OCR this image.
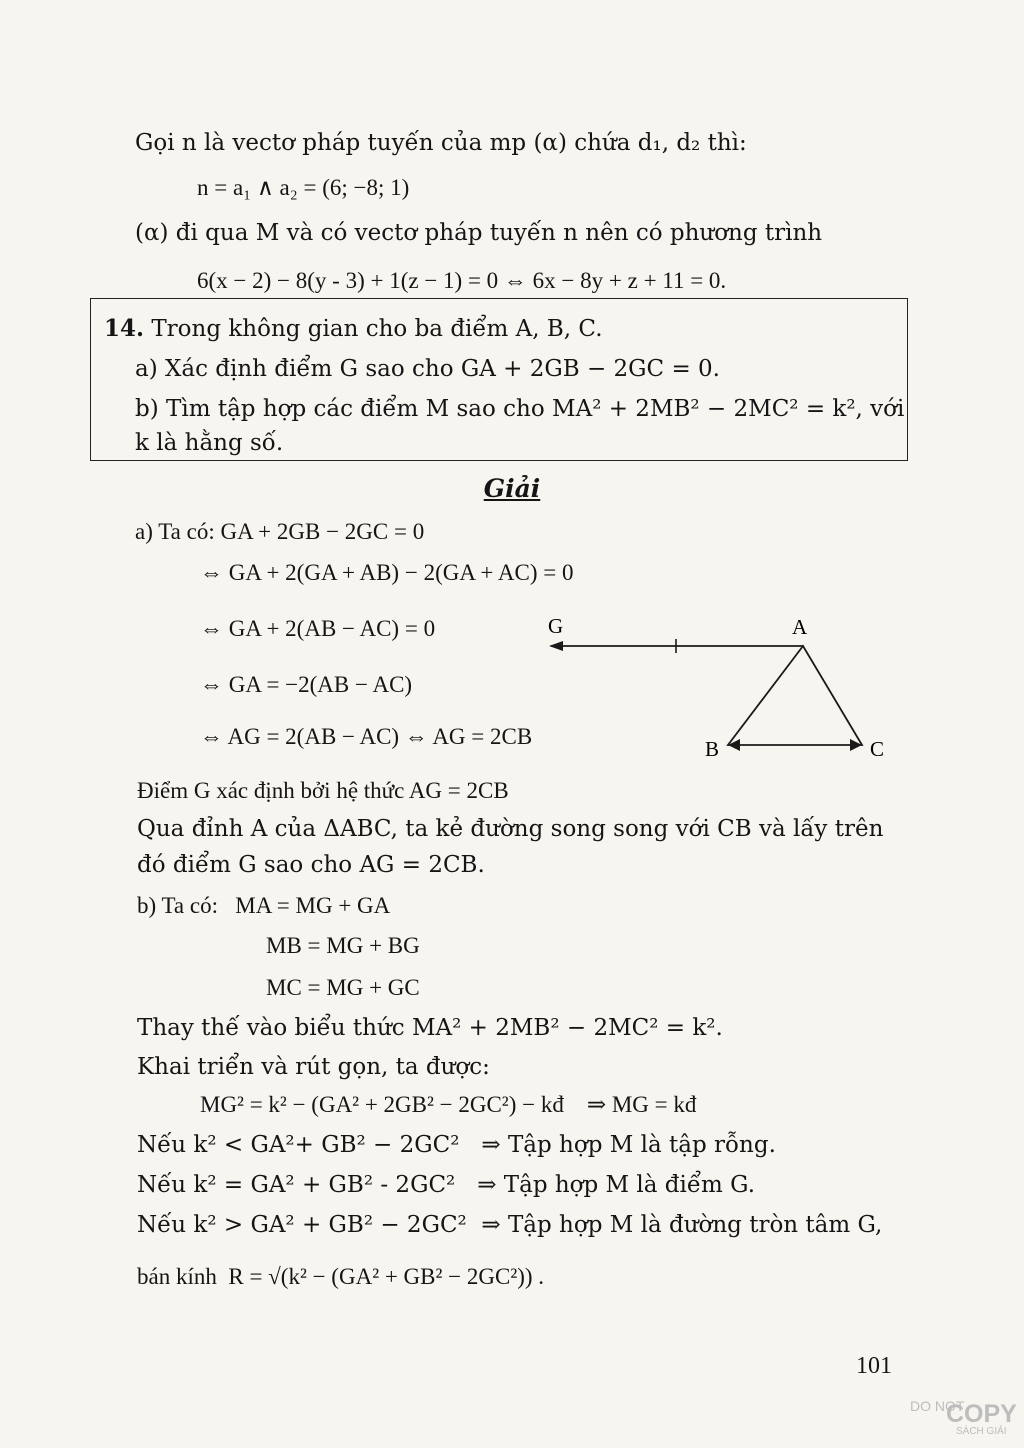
Gọi n là vectơ pháp tuyến của mp (α) chứa d₁, d₂ thì:
n = a₁ ∧ a₂ = (6; −8; 1)
(α) đi qua M và có vectơ pháp tuyến n nên có phương trình
6(x − 2) − 8(y - 3) + 1(z − 1) = 0 ⇔ 6x − 8y + z + 11 = 0.
14. Trong không gian cho ba điểm A, B, C.
a) Xác định điểm G sao cho GA + 2GB − 2GC = 0.
b) Tìm tập hợp các điểm M sao cho MA² + 2MB² − 2MC² = k², với
k là hằng số.
Giải
a) Ta có: GA + 2GB − 2GC = 0
⇔ GA + 2(GA + AB) − 2(GA + AC) = 0
⇔ GA + 2(AB − AC) = 0
⇔ GA = −2(AB − AC)
⇔ AG = 2(AB − AC) ⇔ AG = 2CB
G	A
B	C
Điểm G xác định bởi hệ thức AG = 2CB
Qua đỉnh A của ΔABC, ta kẻ đường song song với CB và lấy trên
đó điểm G sao cho AG = 2CB.
b) Ta có:   MA = MG + GA
MB = MG + BG
MC = MG + GC
Thay thế vào biểu thức MA² + 2MB² − 2MC² = k².
Khai triển và rút gọn, ta được:
MG² = k² − (GA² + 2GB² − 2GC²) − kđ    ⇒ MG = kđ
Nếu k² < GA²+ GB² − 2GC²   ⇒ Tập hợp M là tập rỗng.
Nếu k² = GA² + GB² - 2GC²   ⇒ Tập hợp M là điểm G.
Nếu k² > GA² + GB² − 2GC²  ⇒ Tập hợp M là đường tròn tâm G,
bán kính  R = √(k² − (GA² + GB² − 2GC²)) .
101
DO NOT
COPY
SÁCH GIẢI
